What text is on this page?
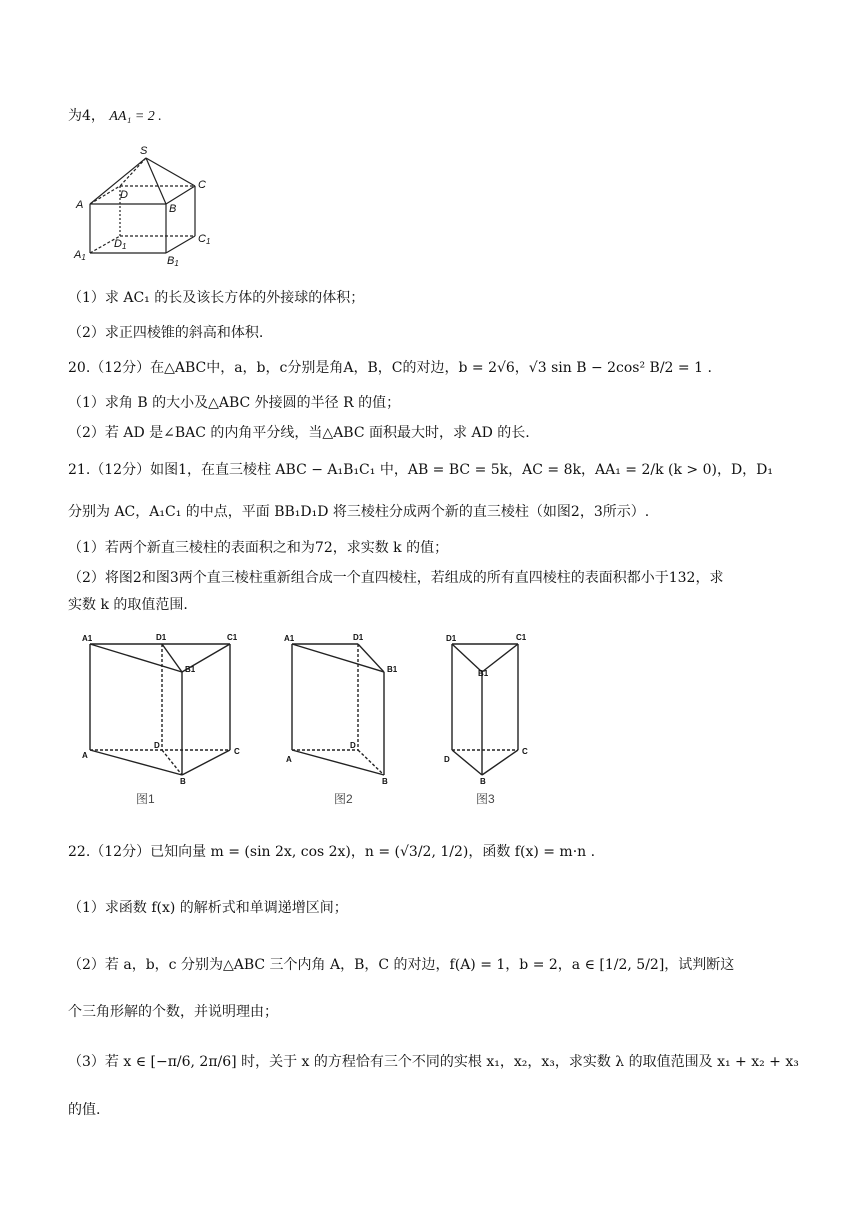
为4， AA₁ = 2 .
S
A	B
C
D
A1	B1
C1
D1
（1）求 AC₁ 的长及该长方体的外接球的体积；
（2）求正四棱锥的斜高和体积.
20.（12分）在△ABC中，a，b，c分别是角A，B，C的对边，b = 2√6，√3 sin B − 2cos² B/2 = 1 .
（1）求角 B 的大小及△ABC 外接圆的半径 R 的值；
（2）若 AD 是∠BAC 的内角平分线，当△ABC 面积最大时，求 AD 的长.
21.（12分）如图1，在直三棱柱 ABC − A₁B₁C₁ 中，AB = BC = 5k，AC = 8k，AA₁ = 2/k (k > 0)，D，D₁
分别为 AC，A₁C₁ 的中点，平面 BB₁D₁D 将三棱柱分成两个新的直三棱柱（如图2，3所示）.
（1）若两个新直三棱柱的表面积之和为72，求实数 k 的值；
（2）将图2和图3两个直三棱柱重新组合成一个直四棱柱，若组成的所有直四棱柱的表面积都小于132，求
实数 k 的取值范围.
A1	D1	C1
B1
A
D
C
B
图1
A1	D1
B1
A
D
B
图2
D1	C1
B1
D
C
B
图3
22.（12分）已知向量 m = (sin 2x, cos 2x)，n = (√3/2, 1/2)，函数 f(x) = m·n .
（1）求函数 f(x) 的解析式和单调递增区间；
（2）若 a，b，c 分别为△ABC 三个内角 A，B，C 的对边，f(A) = 1，b = 2，a ∈ [1/2, 5/2]，试判断这
个三角形解的个数，并说明理由；
（3）若 x ∈ [−π/6, 2π/6] 时，关于 x 的方程恰有三个不同的实根 x₁，x₂，x₃，求实数 λ 的取值范围及 x₁ + x₂ + x₃
的值.
